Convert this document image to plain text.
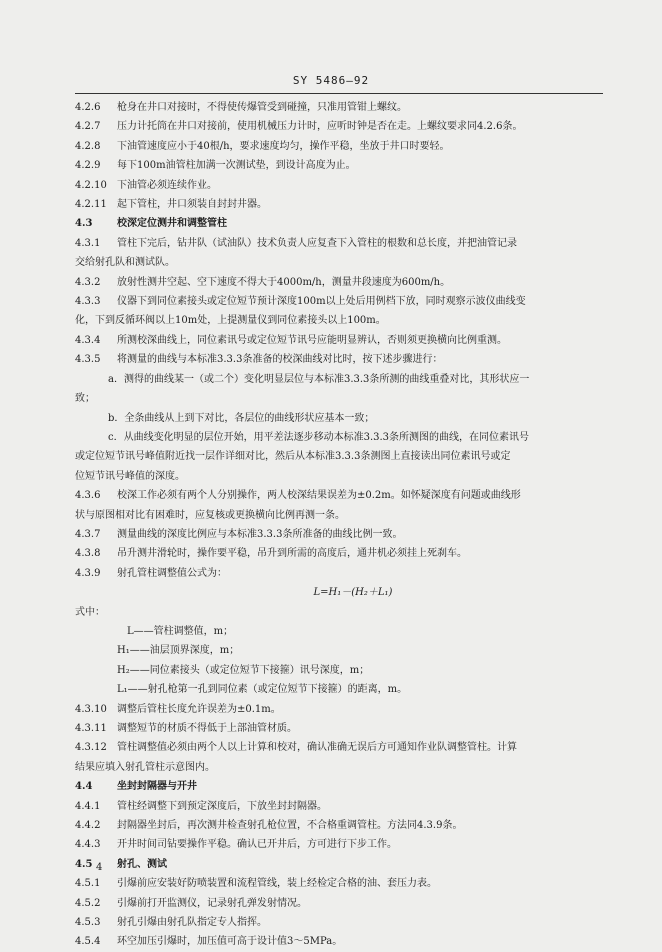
SY 5486—92
4.2.6 枪身在井口对接时，不得使传爆管受到碰撞，只准用管钳上螺纹。
4.2.7 压力计托筒在井口对接前，使用机械压力计时，应听时钟是否在走。上螺纹要求同4.2.6条。
4.2.8 下油管速度应小于40根/h，要求速度均匀，操作平稳，坐放于井口时要轻。
4.2.9 每下100m油管柱加满一次测试垫，到设计高度为止。
4.2.10 下油管必须连续作业。
4.2.11 起下管柱，井口须装自封封井器。
4.3 校深定位测井和调整管柱
4.3.1 管柱下完后，钻井队（试油队）技术负责人应复查下入管柱的根数和总长度，并把油管记录
交给射孔队和测试队。
4.3.2 放射性测井空起、空下速度不得大于4000m/h，测量井段速度为600m/h。
4.3.3 仪器下到同位素接头或定位短节预计深度100m以上处后用例档下放，同时观察示波仪曲线变
化，下到反循环阀以上10m处，上提测量仪到同位素接头以上100m。
4.3.4 所测校深曲线上，同位素讯号或定位短节讯号应能明显辨认，否则须更换横向比例重测。
4.3.5 将测量的曲线与本标准3.3.3条准备的校深曲线对比时，按下述步骤进行：
a．测得的曲线某一（或二个）变化明显层位与本标准3.3.3条所测的曲线重叠对比，其形状应一
致；
b．全条曲线从上到下对比，各层位的曲线形状应基本一致；
c．从曲线变化明显的层位开始，用平差法逐步移动本标准3.3.3条所测图的曲线，在同位素讯号
或定位短节讯号峰值附近找一层作详细对比，然后从本标准3.3.3条测图上直接读出同位素讯号或定
位短节讯号峰值的深度。
4.3.6 校深工作必须有两个人分别操作，两人校深结果误差为±0.2m。如怀疑深度有问题或曲线形
状与原图相对比有困难时，应复核或更换横向比例再测一条。
4.3.7 测量曲线的深度比例应与本标准3.3.3条所准备的曲线比例一致。
4.3.8 吊升测井滑轮时，操作要平稳，吊升到所需的高度后，通井机必须挂上死刹车。
4.3.9 射孔管柱调整值公式为：
L=H₁－(H₂＋L₁)
式中：
L——管柱调整值，m；
H₁——油层顶界深度，m；
H₂——同位素接头（或定位短节下接箍）讯号深度，m；
L₁——射孔枪第一孔到同位素（或定位短节下接箍）的距离，m。
4.3.10 调整后管柱长度允许误差为±0.1m。
4.3.11 调整短节的材质不得低于上部油管材质。
4.3.12 管柱调整值必须由两个人以上计算和校对，确认准确无误后方可通知作业队调整管柱。计算
结果应填入射孔管柱示意图内。
4.4 坐封封隔器与开井
4.4.1 管柱经调整下到预定深度后，下放坐封封隔器。
4.4.2 封隔器坐封后，再次测井检查射孔枪位置，不合格重调管柱。方法同4.3.9条。
4.4.3 开井时间司钻要操作平稳。确认已开井后，方可进行下步工作。
4.5 射孔、测试
4.5.1 引爆前应安装好防喷装置和流程管线，装上经检定合格的油、套压力表。
4.5.2 引爆前打开监测仪，记录射孔弹发射情况。
4.5.3 射孔引爆由射孔队指定专人指挥。
4.5.4 环空加压引爆时，加压值可高于设计值3～5MPa。
4
